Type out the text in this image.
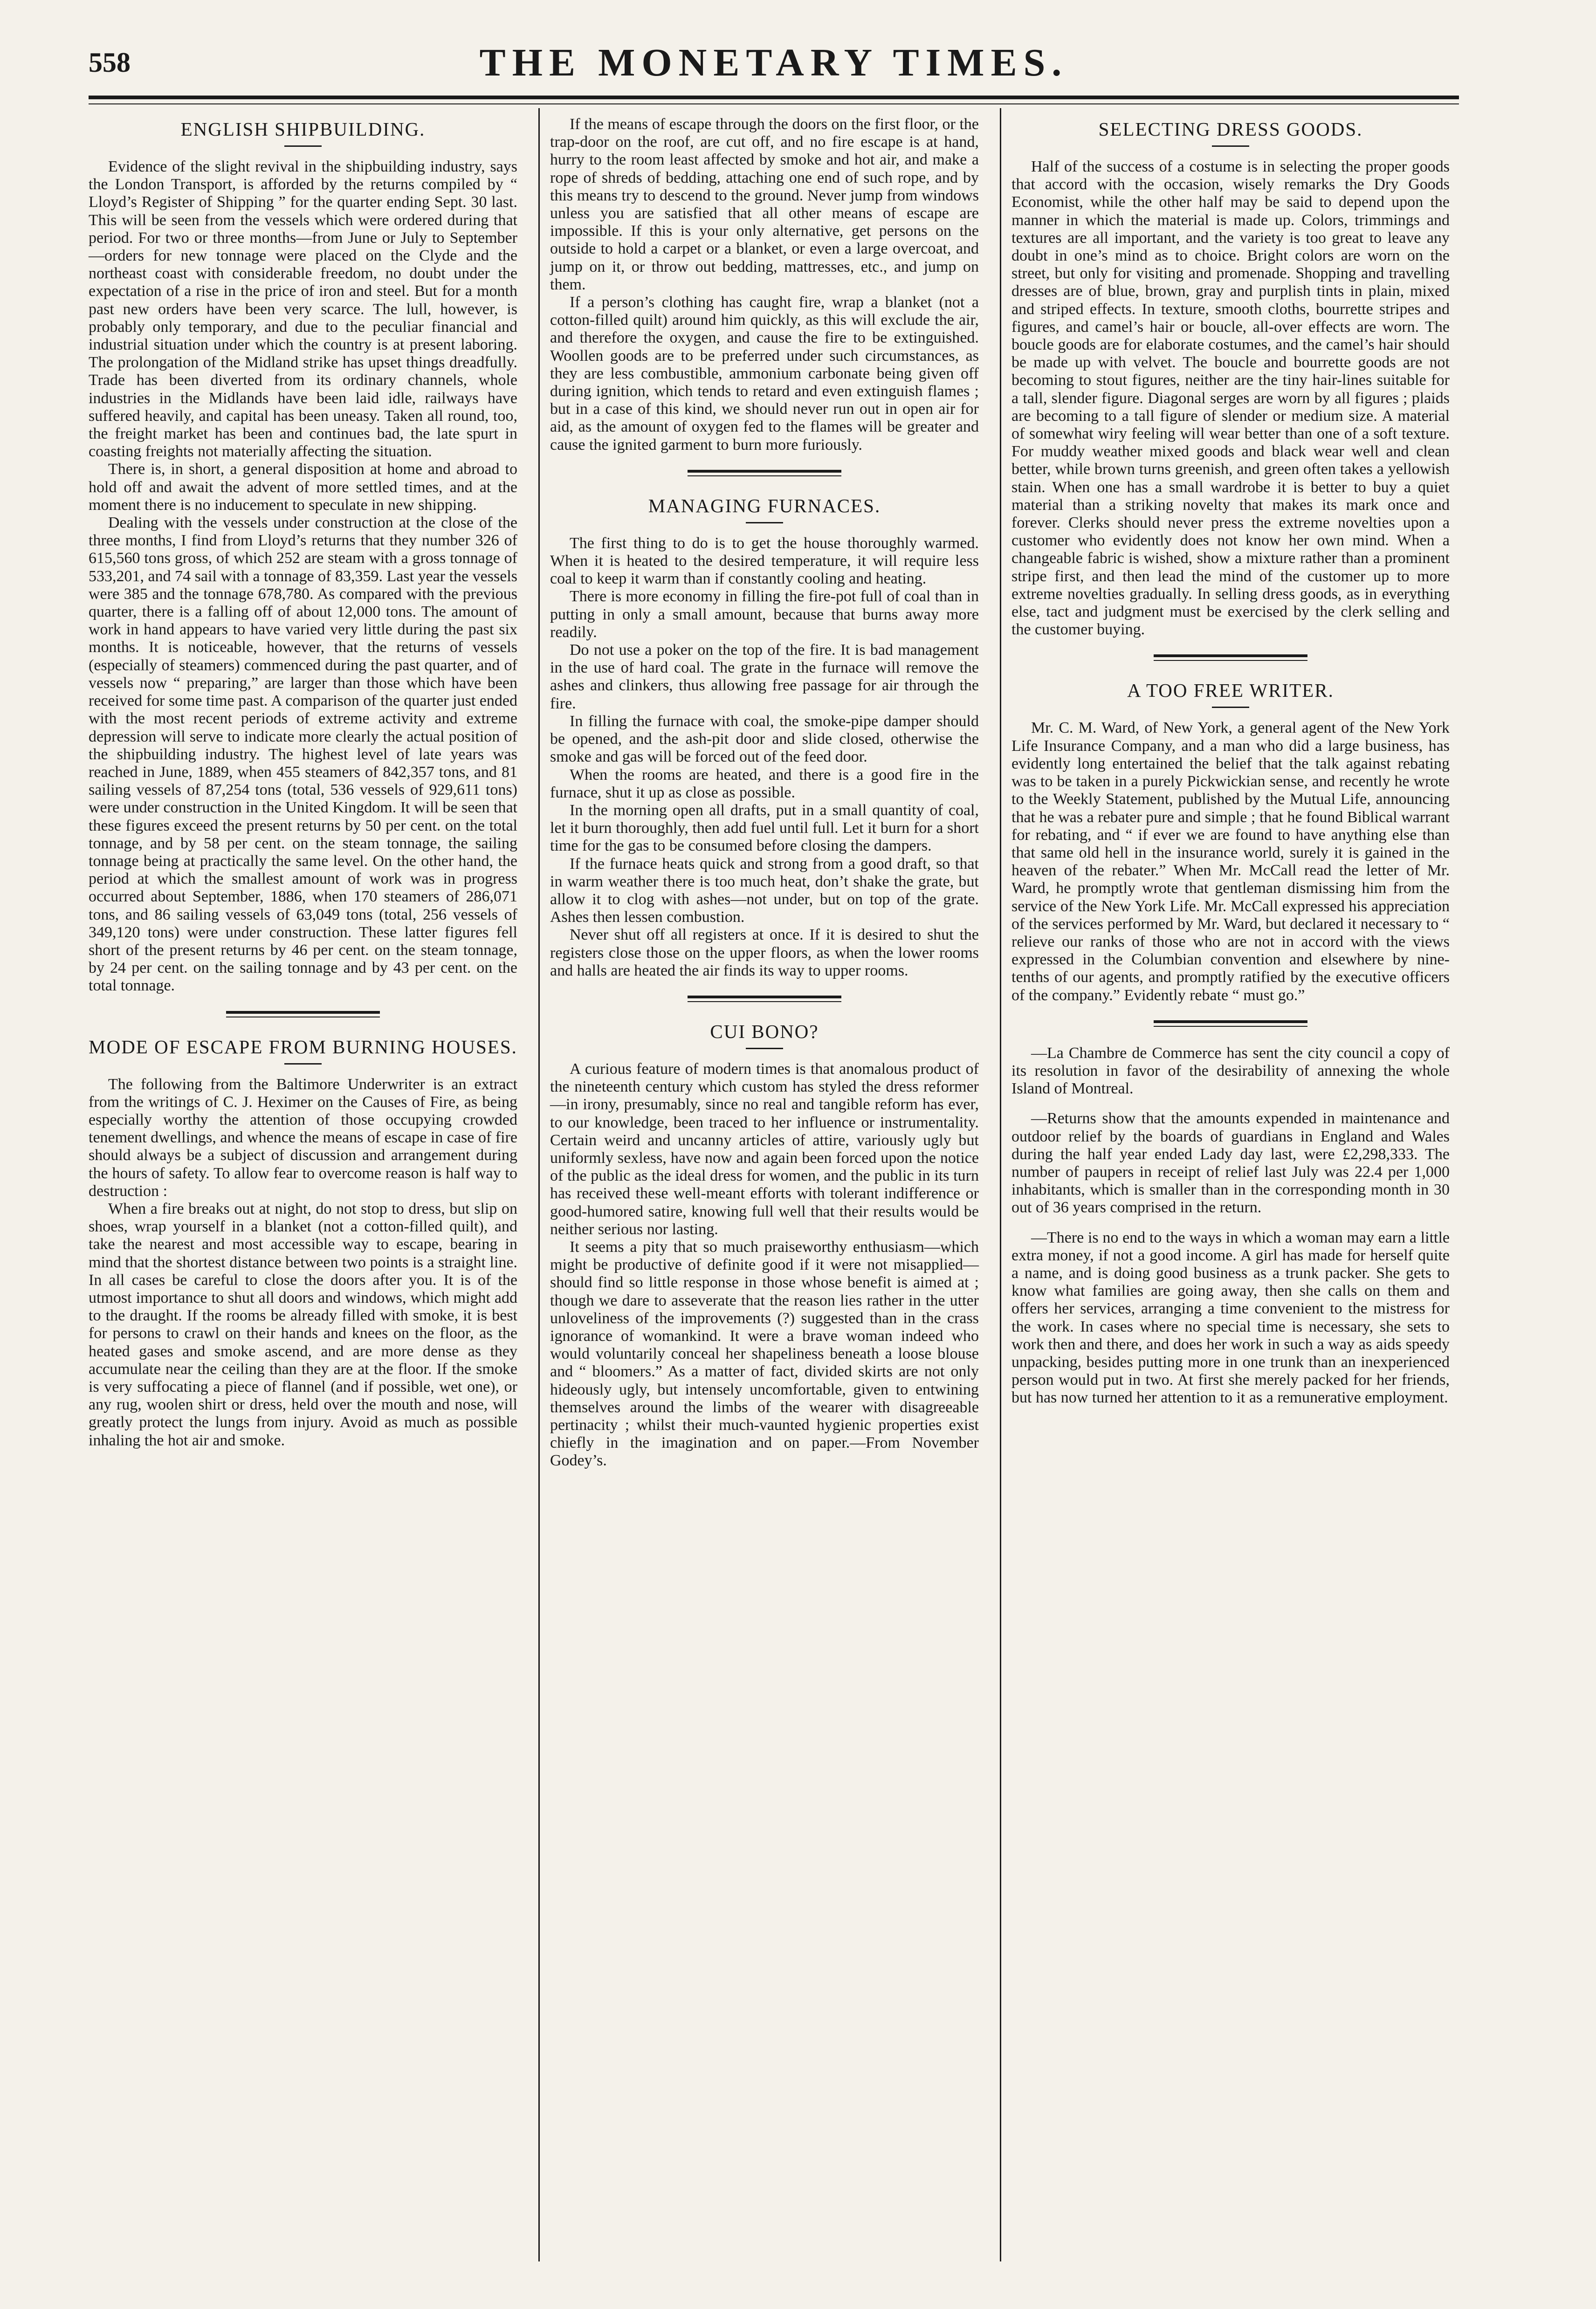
558	THE MONETARY TIMES.
ENGLISH SHIPBUILDING.

Evidence of the slight revival in the shipbuilding industry, says the London Transport, is afforded by the returns compiled by “ Lloyd’s Register of Shipping ” for the quarter ending Sept. 30 last. This will be seen from the vessels which were ordered during that period. For two or three months—from June or July to September—orders for new tonnage were placed on the Clyde and the northeast coast with considerable freedom, no doubt under the expectation of a rise in the price of iron and steel. But for a month past new orders have been very scarce. The lull, however, is probably only temporary, and due to the peculiar financial and industrial situation under which the country is at present laboring. The prolongation of the Midland strike has upset things dreadfully. Trade has been diverted from its ordinary channels, whole industries in the Midlands have been laid idle, railways have suffered heavily, and capital has been uneasy. Taken all round, too, the freight market has been and continues bad, the late spurt in coasting freights not materially affecting the situation.

There is, in short, a general disposition at home and abroad to hold off and await the advent of more settled times, and at the moment there is no inducement to speculate in new shipping.

Dealing with the vessels under construction at the close of the three months, I find from Lloyd’s returns that they number 326 of 615,560 tons gross, of which 252 are steam with a gross tonnage of 533,201, and 74 sail with a tonnage of 83,359. Last year the vessels were 385 and the tonnage 678,780. As compared with the previous quarter, there is a falling off of about 12,000 tons. The amount of work in hand appears to have varied very little during the past six months. It is noticeable, however, that the returns of vessels (especially of steamers) commenced during the past quarter, and of vessels now “ preparing,” are larger than those which have been received for some time past. A comparison of the quarter just ended with the most recent periods of extreme activity and extreme depression will serve to indicate more clearly the actual position of the shipbuilding industry. The highest level of late years was reached in June, 1889, when 455 steamers of 842,357 tons, and 81 sailing vessels of 87,254 tons (total, 536 vessels of 929,611 tons) were under construction in the United Kingdom. It will be seen that these figures exceed the present returns by 50 per cent. on the total tonnage, and by 58 per cent. on the steam tonnage, the sailing tonnage being at practically the same level. On the other hand, the period at which the smallest amount of work was in progress occurred about September, 1886, when 170 steamers of 286,071 tons, and 86 sailing vessels of 63,049 tons (total, 256 vessels of 349,120 tons) were under construction. These latter figures fell short of the present returns by 46 per cent. on the steam tonnage, by 24 per cent. on the sailing tonnage and by 43 per cent. on the total tonnage.

MODE OF ESCAPE FROM BURNING HOUSES.

The following from the Baltimore Underwriter is an extract from the writings of C. J. Heximer on the Causes of Fire, as being especially worthy the attention of those occupying crowded tenement dwellings, and whence the means of escape in case of fire should always be a subject of discussion and arrangement during the hours of safety. To allow fear to overcome reason is half way to destruction :

When a fire breaks out at night, do not stop to dress, but slip on shoes, wrap yourself in a blanket (not a cotton-filled quilt), and take the nearest and most accessible way to escape, bearing in mind that the shortest distance between two points is a straight line. In all cases be careful to close the doors after you. It is of the utmost importance to shut all doors and windows, which might add to the draught. If the rooms be already filled with smoke, it is best for persons to crawl on their hands and knees on the floor, as the heated gases and smoke ascend, and are more dense as they accumulate near the ceiling than they are at the floor. If the smoke is very suffocating a piece of flannel (and if possible, wet one), or any rug, woolen shirt or dress, held over the mouth and nose, will greatly protect the lungs from injury. Avoid as much as possible inhaling the hot air and smoke.

If the means of escape through the doors on the first floor, or the trap-door on the roof, are cut off, and no fire escape is at hand, hurry to the room least affected by smoke and hot air, and make a rope of shreds of bedding, attaching one end of such rope, and by this means try to descend to the ground. Never jump from windows unless you are satisfied that all other means of escape are impossible. If this is your only alternative, get persons on the outside to hold a carpet or a blanket, or even a large overcoat, and jump on it, or throw out bedding, mattresses, etc., and jump on them.

If a person’s clothing has caught fire, wrap a blanket (not a cotton-filled quilt) around him quickly, as this will exclude the air, and therefore the oxygen, and cause the fire to be extinguished. Woollen goods are to be preferred under such circumstances, as they are less combustible, ammonium carbonate being given off during ignition, which tends to retard and even extinguish flames ; but in a case of this kind, we should never run out in open air for aid, as the amount of oxygen fed to the flames will be greater and cause the ignited garment to burn more furiously.

MANAGING FURNACES.

The first thing to do is to get the house thoroughly warmed. When it is heated to the desired temperature, it will require less coal to keep it warm than if constantly cooling and heating.

There is more economy in filling the fire-pot full of coal than in putting in only a small amount, because that burns away more readily.

Do not use a poker on the top of the fire. It is bad management in the use of hard coal. The grate in the furnace will remove the ashes and clinkers, thus allowing free passage for air through the fire.

In filling the furnace with coal, the smoke-pipe damper should be opened, and the ash-pit door and slide closed, otherwise the smoke and gas will be forced out of the feed door.

When the rooms are heated, and there is a good fire in the furnace, shut it up as close as possible.

In the morning open all drafts, put in a small quantity of coal, let it burn thoroughly, then add fuel until full. Let it burn for a short time for the gas to be consumed before closing the dampers.

If the furnace heats quick and strong from a good draft, so that in warm weather there is too much heat, don’t shake the grate, but allow it to clog with ashes—not under, but on top of the grate. Ashes then lessen combustion.

Never shut off all registers at once. If it is desired to shut the registers close those on the upper floors, as when the lower rooms and halls are heated the air finds its way to upper rooms.

CUI BONO?

A curious feature of modern times is that anomalous product of the nineteenth century which custom has styled the dress reformer—in irony, presumably, since no real and tangible reform has ever, to our knowledge, been traced to her influence or instrumentality. Certain weird and uncanny articles of attire, variously ugly but uniformly sexless, have now and again been forced upon the notice of the public as the ideal dress for women, and the public in its turn has received these well-meant efforts with tolerant indifference or good-humored satire, knowing full well that their results would be neither serious nor lasting.

It seems a pity that so much praiseworthy enthusiasm—which might be productive of definite good if it were not misapplied—should find so little response in those whose benefit is aimed at ; though we dare to asseverate that the reason lies rather in the utter unloveliness of the improvements (?) suggested than in the crass ignorance of womankind. It were a brave woman indeed who would voluntarily conceal her shapeliness beneath a loose blouse and “ bloomers.” As a matter of fact, divided skirts are not only hideously ugly, but intensely uncomfortable, given to entwining themselves around the limbs of the wearer with disagreeable pertinacity ; whilst their much-vaunted hygienic properties exist chiefly in the imagination and on paper.—From November Godey’s.

SELECTING DRESS GOODS.

Half of the success of a costume is in selecting the proper goods that accord with the occasion, wisely remarks the Dry Goods Economist, while the other half may be said to depend upon the manner in which the material is made up. Colors, trimmings and textures are all important, and the variety is too great to leave any doubt in one’s mind as to choice. Bright colors are worn on the street, but only for visiting and promenade. Shopping and travelling dresses are of blue, brown, gray and purplish tints in plain, mixed and striped effects. In texture, smooth cloths, bourrette stripes and figures, and camel’s hair or boucle, all-over effects are worn. The boucle goods are for elaborate costumes, and the camel’s hair should be made up with velvet. The boucle and bourrette goods are not becoming to stout figures, neither are the tiny hair-lines suitable for a tall, slender figure. Diagonal serges are worn by all figures ; plaids are becoming to a tall figure of slender or medium size. A material of somewhat wiry feeling will wear better than one of a soft texture. For muddy weather mixed goods and black wear well and clean better, while brown turns greenish, and green often takes a yellowish stain. When one has a small wardrobe it is better to buy a quiet material than a striking novelty that makes its mark once and forever. Clerks should never press the extreme novelties upon a customer who evidently does not know her own mind. When a changeable fabric is wished, show a mixture rather than a prominent stripe first, and then lead the mind of the customer up to more extreme novelties gradually. In selling dress goods, as in everything else, tact and judgment must be exercised by the clerk selling and the customer buying.

A TOO FREE WRITER.

Mr. C. M. Ward, of New York, a general agent of the New York Life Insurance Company, and a man who did a large business, has evidently long entertained the belief that the talk against rebating was to be taken in a purely Pickwickian sense, and recently he wrote to the Weekly Statement, published by the Mutual Life, announcing that he was a rebater pure and simple ; that he found Biblical warrant for rebating, and “ if ever we are found to have anything else than that same old hell in the insurance world, surely it is gained in the heaven of the rebater.” When Mr. McCall read the letter of Mr. Ward, he promptly wrote that gentleman dismissing him from the service of the New York Life. Mr. McCall expressed his appreciation of the services performed by Mr. Ward, but declared it necessary to “ relieve our ranks of those who are not in accord with the views expressed in the Columbian convention and elsewhere by nine-tenths of our agents, and promptly ratified by the executive officers of the company.” Evidently rebate “ must go.”

—La Chambre de Commerce has sent the city council a copy of its resolution in favor of the desirability of annexing the whole Island of Montreal.

—Returns show that the amounts expended in maintenance and outdoor relief by the boards of guardians in England and Wales during the half year ended Lady day last, were £2,298,333. The number of paupers in receipt of relief last July was 22.4 per 1,000 inhabitants, which is smaller than in the corresponding month in 30 out of 36 years comprised in the return.

—There is no end to the ways in which a woman may earn a little extra money, if not a good income. A girl has made for herself quite a name, and is doing good business as a trunk packer. She gets to know what families are going away, then she calls on them and offers her services, arranging a time convenient to the mistress for the work. In cases where no special time is necessary, she sets to work then and there, and does her work in such a way as aids speedy unpacking, besides putting more in one trunk than an inexperienced person would put in two. At first she merely packed for her friends, but has now turned her attention to it as a remunerative employment.
